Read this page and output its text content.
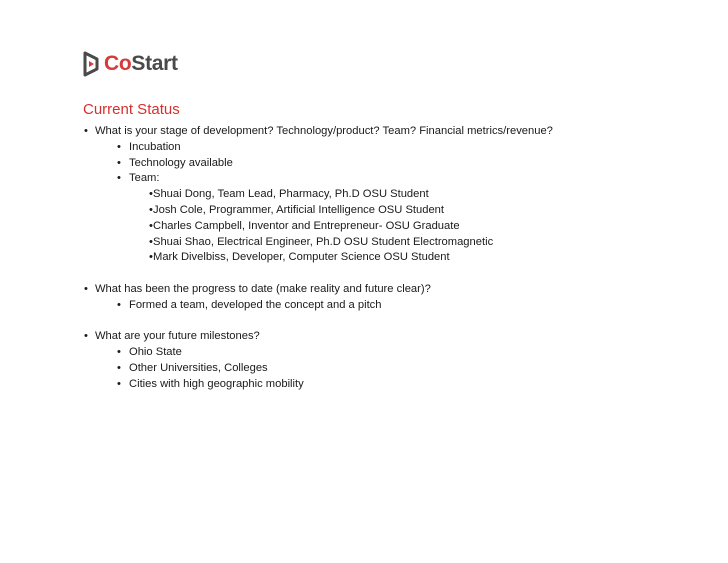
CoStart
Current Status
• What is your stage of development? Technology/product? Team? Financial metrics/revenue?
• Incubation
• Technology available
• Team:
• Shuai Dong, Team Lead, Pharmacy, Ph.D OSU Student
• Josh Cole, Programmer, Artificial Intelligence OSU Student
• Charles Campbell, Inventor and Entrepreneur- OSU Graduate
• Shuai Shao, Electrical Engineer, Ph.D OSU Student Electromagnetic
• Mark Divelbiss, Developer, Computer Science OSU Student
• What has been the progress to date (make reality and future clear)?
• Formed a team, developed the concept and a pitch
• What are your future milestones?
• Ohio State
• Other Universities, Colleges
• Cities with high geographic mobility
